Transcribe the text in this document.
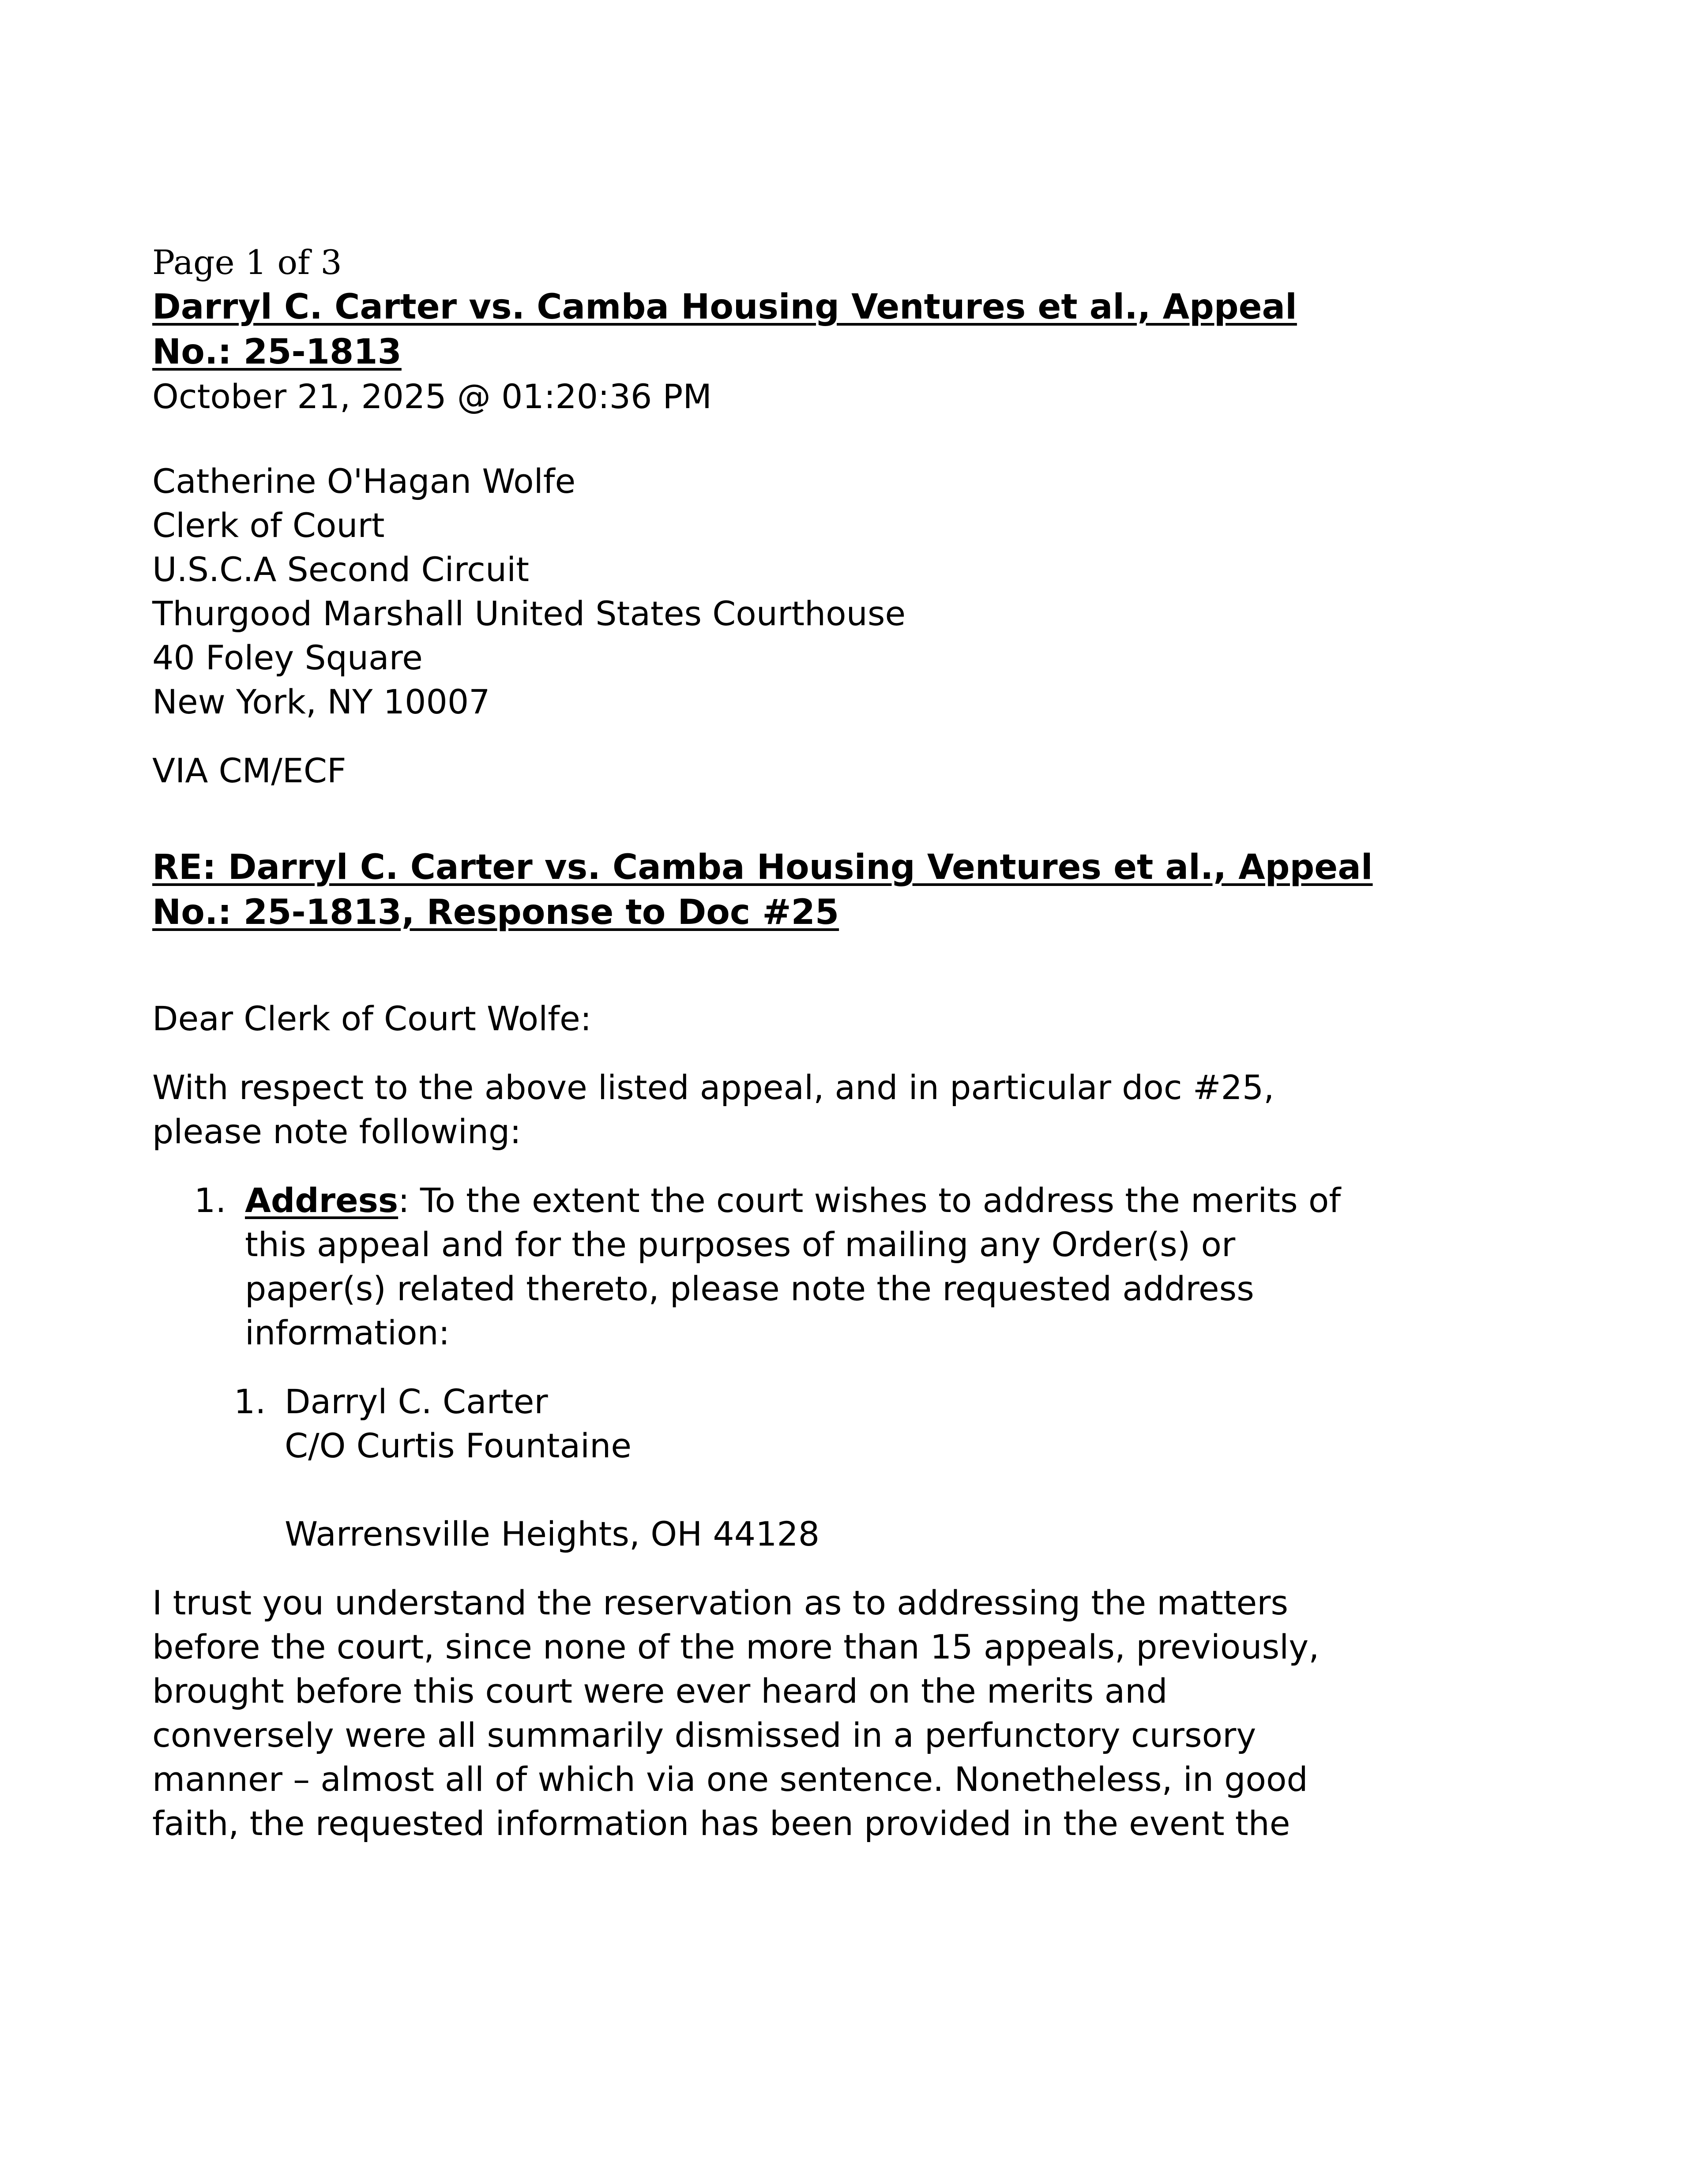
Page 1 of 3
Darryl C. Carter vs. Camba Housing Ventures et al., Appeal
No.: 25-1813
October 21, 2025 @ 01:20:36 PM
Catherine O'Hagan Wolfe
Clerk of Court
U.S.C.A Second Circuit
Thurgood Marshall United States Courthouse
40 Foley Square
New York, NY 10007
VIA CM/ECF
RE: Darryl C. Carter vs. Camba Housing Ventures et al., Appeal
No.: 25-1813, Response to Doc #25
Dear Clerk of Court Wolfe:
With respect to the above listed appeal, and in particular doc #25,
please note following:
1. Address: To the extent the court wishes to address the merits of
this appeal and for the purposes of mailing any Order(s) or
paper(s) related thereto, please note the requested address
information:
1. Darryl C. Carter
C/O Curtis Fountaine
Warrensville Heights, OH 44128
I trust you understand the reservation as to addressing the matters
before the court, since none of the more than 15 appeals, previously,
brought before this court were ever heard on the merits and
conversely were all summarily dismissed in a perfunctory cursory
manner – almost all of which via one sentence. Nonetheless, in good
faith, the requested information has been provided in the event the
